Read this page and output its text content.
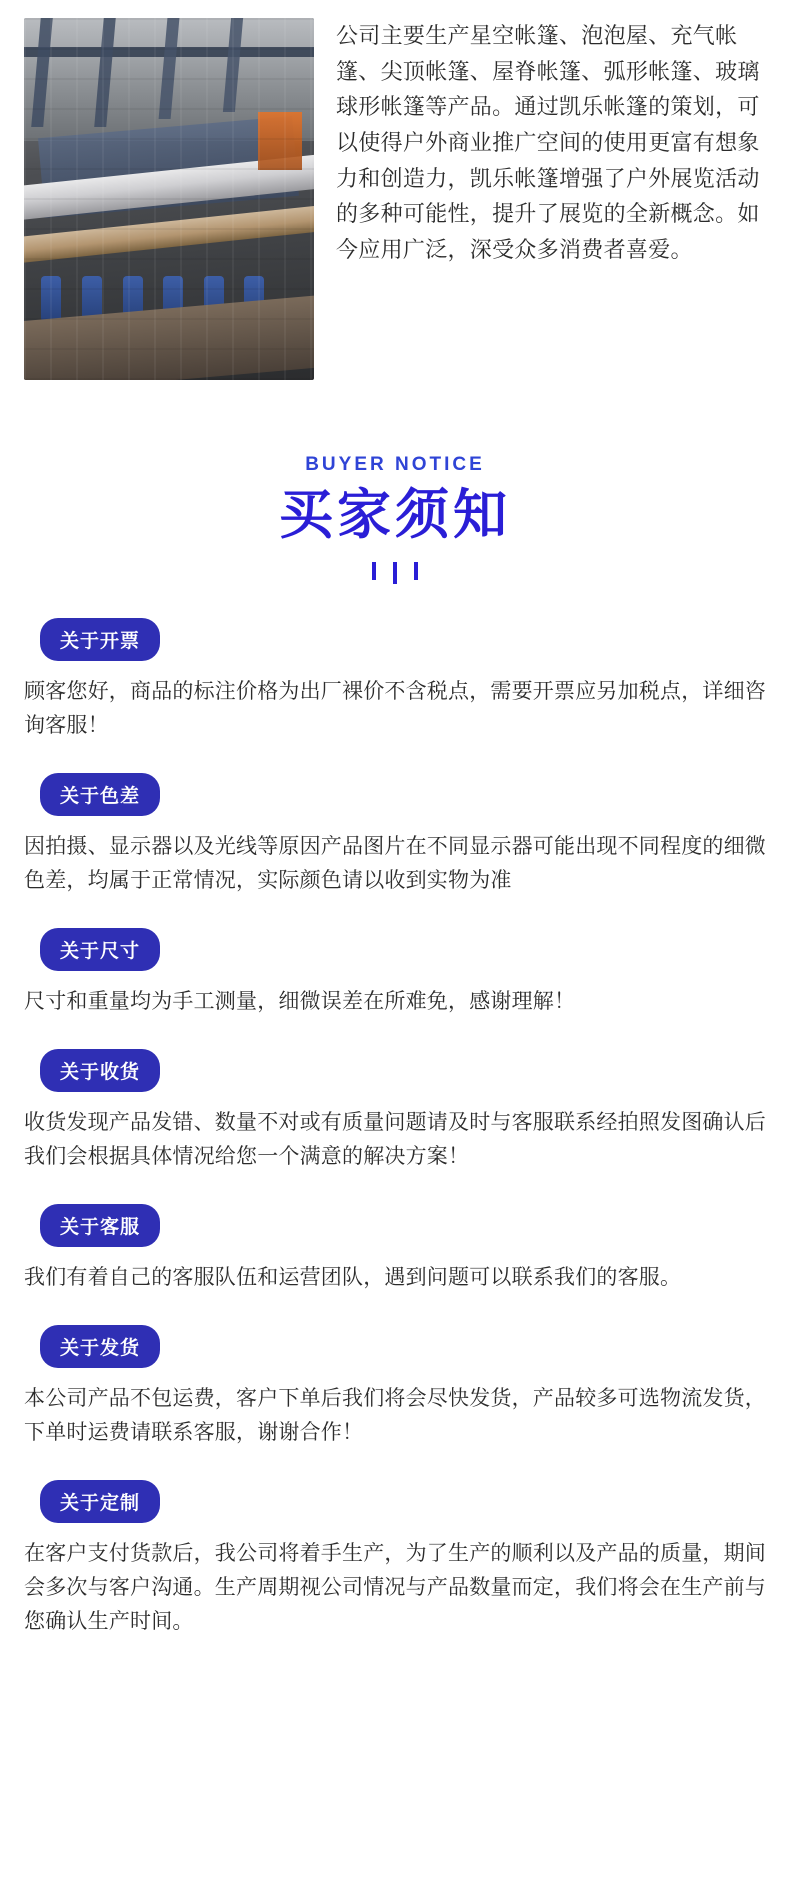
公司主要生产星空帐篷、泡泡屋、充气帐篷、尖顶帐篷、屋脊帐篷、弧形帐篷、玻璃球形帐篷等产品。通过凯乐帐篷的策划，可以使得户外商业推广空间的使用更富有想象力和创造力，凯乐帐篷增强了户外展览活动的多种可能性，提升了展览的全新概念。如今应用广泛，深受众多消费者喜爱。
BUYER NOTICE
买家须知
关于开票
顾客您好，商品的标注价格为出厂裸价不含税点，需要开票应另加税点，详细咨询客服！
关于色差
因拍摄、显示器以及光线等原因产品图片在不同显示器可能出现不同程度的细微色差，均属于正常情况，实际颜色请以收到实物为准
关于尺寸
尺寸和重量均为手工测量，细微误差在所难免，感谢理解！
关于收货
收货发现产品发错、数量不对或有质量问题请及时与客服联系经拍照发图确认后我们会根据具体情况给您一个满意的解决方案！
关于客服
我们有着自己的客服队伍和运营团队，遇到问题可以联系我们的客服。
关于发货
本公司产品不包运费，客户下单后我们将会尽快发货，产品较多可选物流发货，下单时运费请联系客服，谢谢合作！
关于定制
在客户支付货款后，我公司将着手生产，为了生产的顺利以及产品的质量，期间会多次与客户沟通。生产周期视公司情况与产品数量而定，我们将会在生产前与您确认生产时间。
